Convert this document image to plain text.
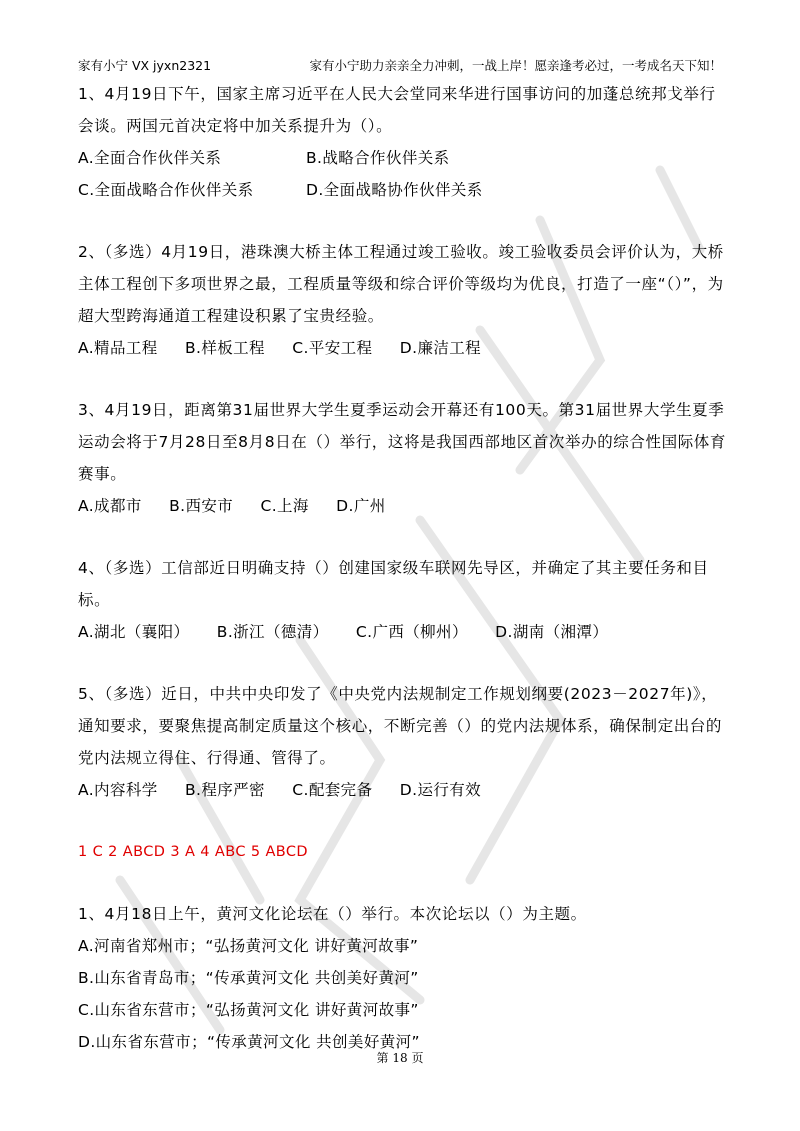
家有小宁 VX jyxn2321	家有小宁助力亲亲全力冲刺，一战上岸！愿亲逢考必过，一考成名天下知！

1、4月19日下午，国家主席习近平在人民大会堂同来华进行国事访问的加蓬总统邦戈举行会谈。两国元首决定将中加关系提升为（）。

A.全面合作伙伴关系	B.战略合作伙伴关系
C.全面战略合作伙伴关系	D.全面战略协作伙伴关系

2、（多选）4月19日，港珠澳大桥主体工程通过竣工验收。竣工验收委员会评价认为，大桥主体工程创下多项世界之最，工程质量等级和综合评价等级均为优良，打造了一座“（）”，为超大型跨海通道工程建设积累了宝贵经验。

A.精品工程 B.样板工程 C.平安工程 D.廉洁工程

3、4月19日，距离第31届世界大学生夏季运动会开幕还有100天。第31届世界大学生夏季运动会将于7月28日至8月8日在（）举行，这将是我国西部地区首次举办的综合性国际体育赛事。

A.成都市 B.西安市 C.上海 D.广州

4、（多选）工信部近日明确支持（）创建国家级车联网先导区，并确定了其主要任务和目标。

A.湖北（襄阳） B.浙江（德清） C.广西（柳州） D.湖南（湘潭）

5、（多选）近日，中共中央印发了《中央党内法规制定工作规划纲要(2023－2027年)》，通知要求，要聚焦提高制定质量这个核心，不断完善（）的党内法规体系，确保制定出台的党内法规立得住、行得通、管得了。

A.内容科学 B.程序严密 C.配套完备 D.运行有效
1 C 2 ABCD 3 A 4 ABC 5 ABCD

1、4月18日上午，黄河文化论坛在（）举行。本次论坛以（）为主题。

A.河南省郑州市；“弘扬黄河文化 讲好黄河故事”
B.山东省青岛市；“传承黄河文化 共创美好黄河”
C.山东省东营市；“弘扬黄河文化 讲好黄河故事”
D.山东省东营市；“传承黄河文化 共创美好黄河”
第 18 页
